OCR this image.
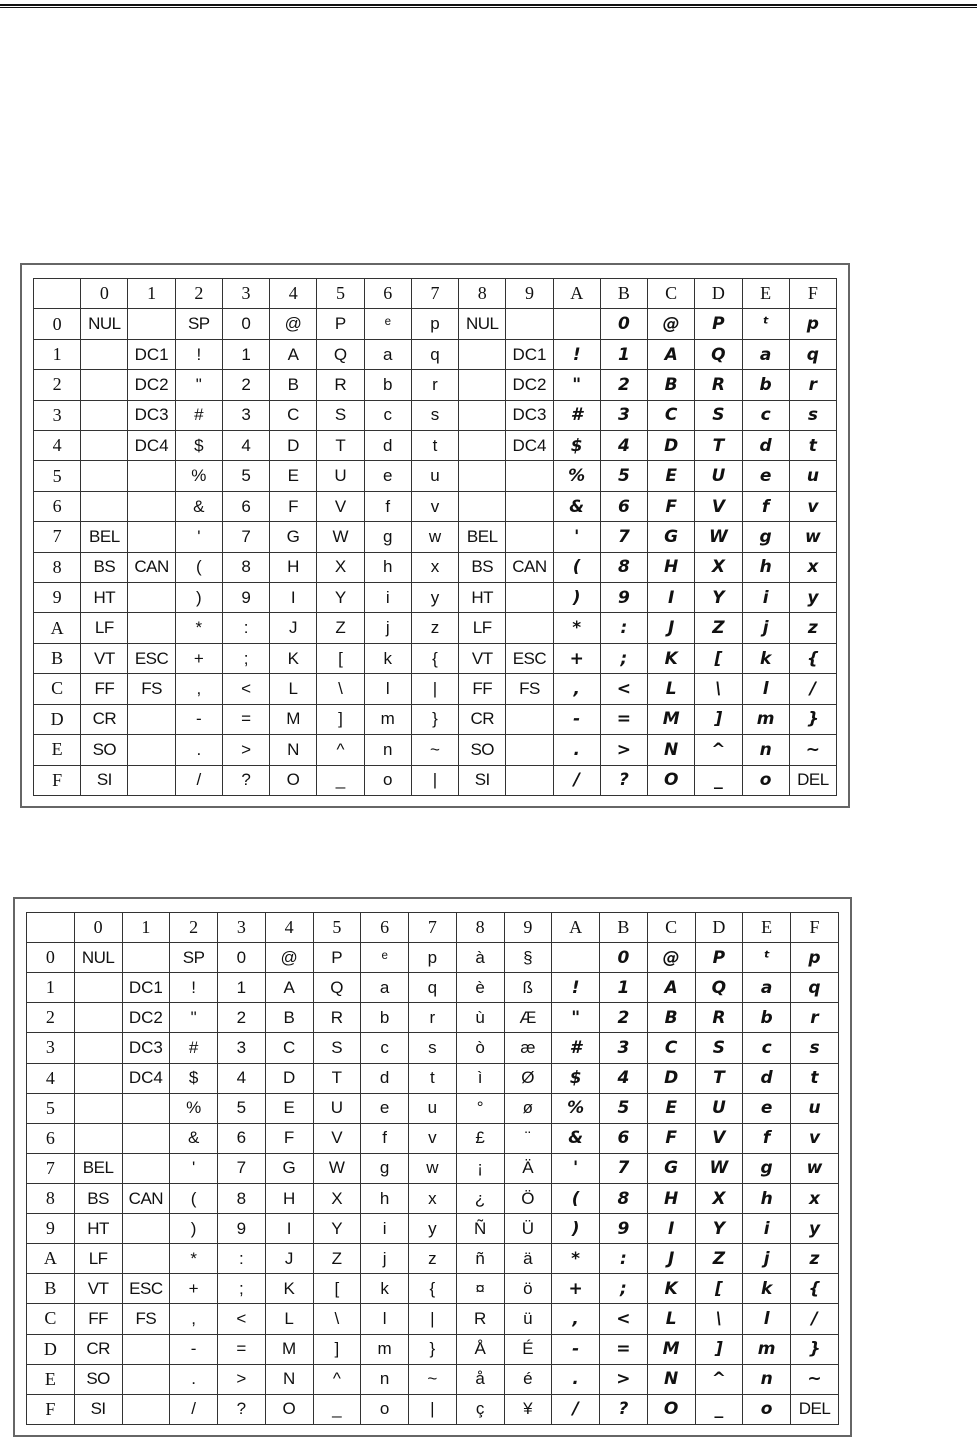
	0	1	2	3	4	5	6	7	8	9	A	B	C	D	E	F
0	NUL		SP	0	@	P	ᵉ	p	NUL			0	@	P	ᵗ	p
1		DC1	!	1	A	Q	a	q		DC1	!	1	A	Q	a	q
2		DC2	"	2	B	R	b	r		DC2	"	2	B	R	b	r
3		DC3	#	3	C	S	c	s		DC3	#	3	C	S	c	s
4		DC4	$	4	D	T	d	t		DC4	$	4	D	T	d	t
5			%	5	E	U	e	u			%	5	E	U	e	u
6			&	6	F	V	f	v			&	6	F	V	f	v
7	BEL		'	7	G	W	g	w	BEL		'	7	G	W	g	w
8	BS	CAN	(	8	H	X	h	x	BS	CAN	(	8	H	X	h	x
9	HT		)	9	I	Y	i	y	HT		)	9	I	Y	i	y
A	LF		*	:	J	Z	j	z	LF		*	:	J	Z	j	z
B	VT	ESC	+	;	K	[	k	{	VT	ESC	+	;	K	[	k	{
C	FF	FS	,	<	L	\	l	|	FF	FS	,	<	L	\	l	/
D	CR		-	=	M	]	m	}	CR		-	=	M	]	m	}
E	SO		.	>	N	^	n	~	SO		.	>	N	^	n	~
F	SI		/	?	O	_	o	|	SI		/	?	O	_	o	DEL
	0	1	2	3	4	5	6	7	8	9	A	B	C	D	E	F
0	NUL		SP	0	@	P	ᵉ	p	à	§		0	@	P	ᵗ	p
1		DC1	!	1	A	Q	a	q	è	ß	!	1	A	Q	a	q
2		DC2	"	2	B	R	b	r	ù	Æ	"	2	B	R	b	r
3		DC3	#	3	C	S	c	s	ò	æ	#	3	C	S	c	s
4		DC4	$	4	D	T	d	t	ì	Ø	$	4	D	T	d	t
5			%	5	E	U	e	u	°	ø	%	5	E	U	e	u
6			&	6	F	V	f	v	£	¨	&	6	F	V	f	v
7	BEL		'	7	G	W	g	w	¡	Ä	'	7	G	W	g	w
8	BS	CAN	(	8	H	X	h	x	¿	Ö	(	8	H	X	h	x
9	HT		)	9	I	Y	i	y	Ñ	Ü	)	9	I	Y	i	y
A	LF		*	:	J	Z	j	z	ñ	ä	*	:	J	Z	j	z
B	VT	ESC	+	;	K	[	k	{	¤	ö	+	;	K	[	k	{
C	FF	FS	,	<	L	\	l	|	R	ü	,	<	L	\	l	/
D	CR		-	=	M	]	m	}	Å	É	-	=	M	]	m	}
E	SO		.	>	N	^	n	~	å	é	.	>	N	^	n	~
F	SI		/	?	O	_	o	|	ç	¥	/	?	O	_	o	DEL
